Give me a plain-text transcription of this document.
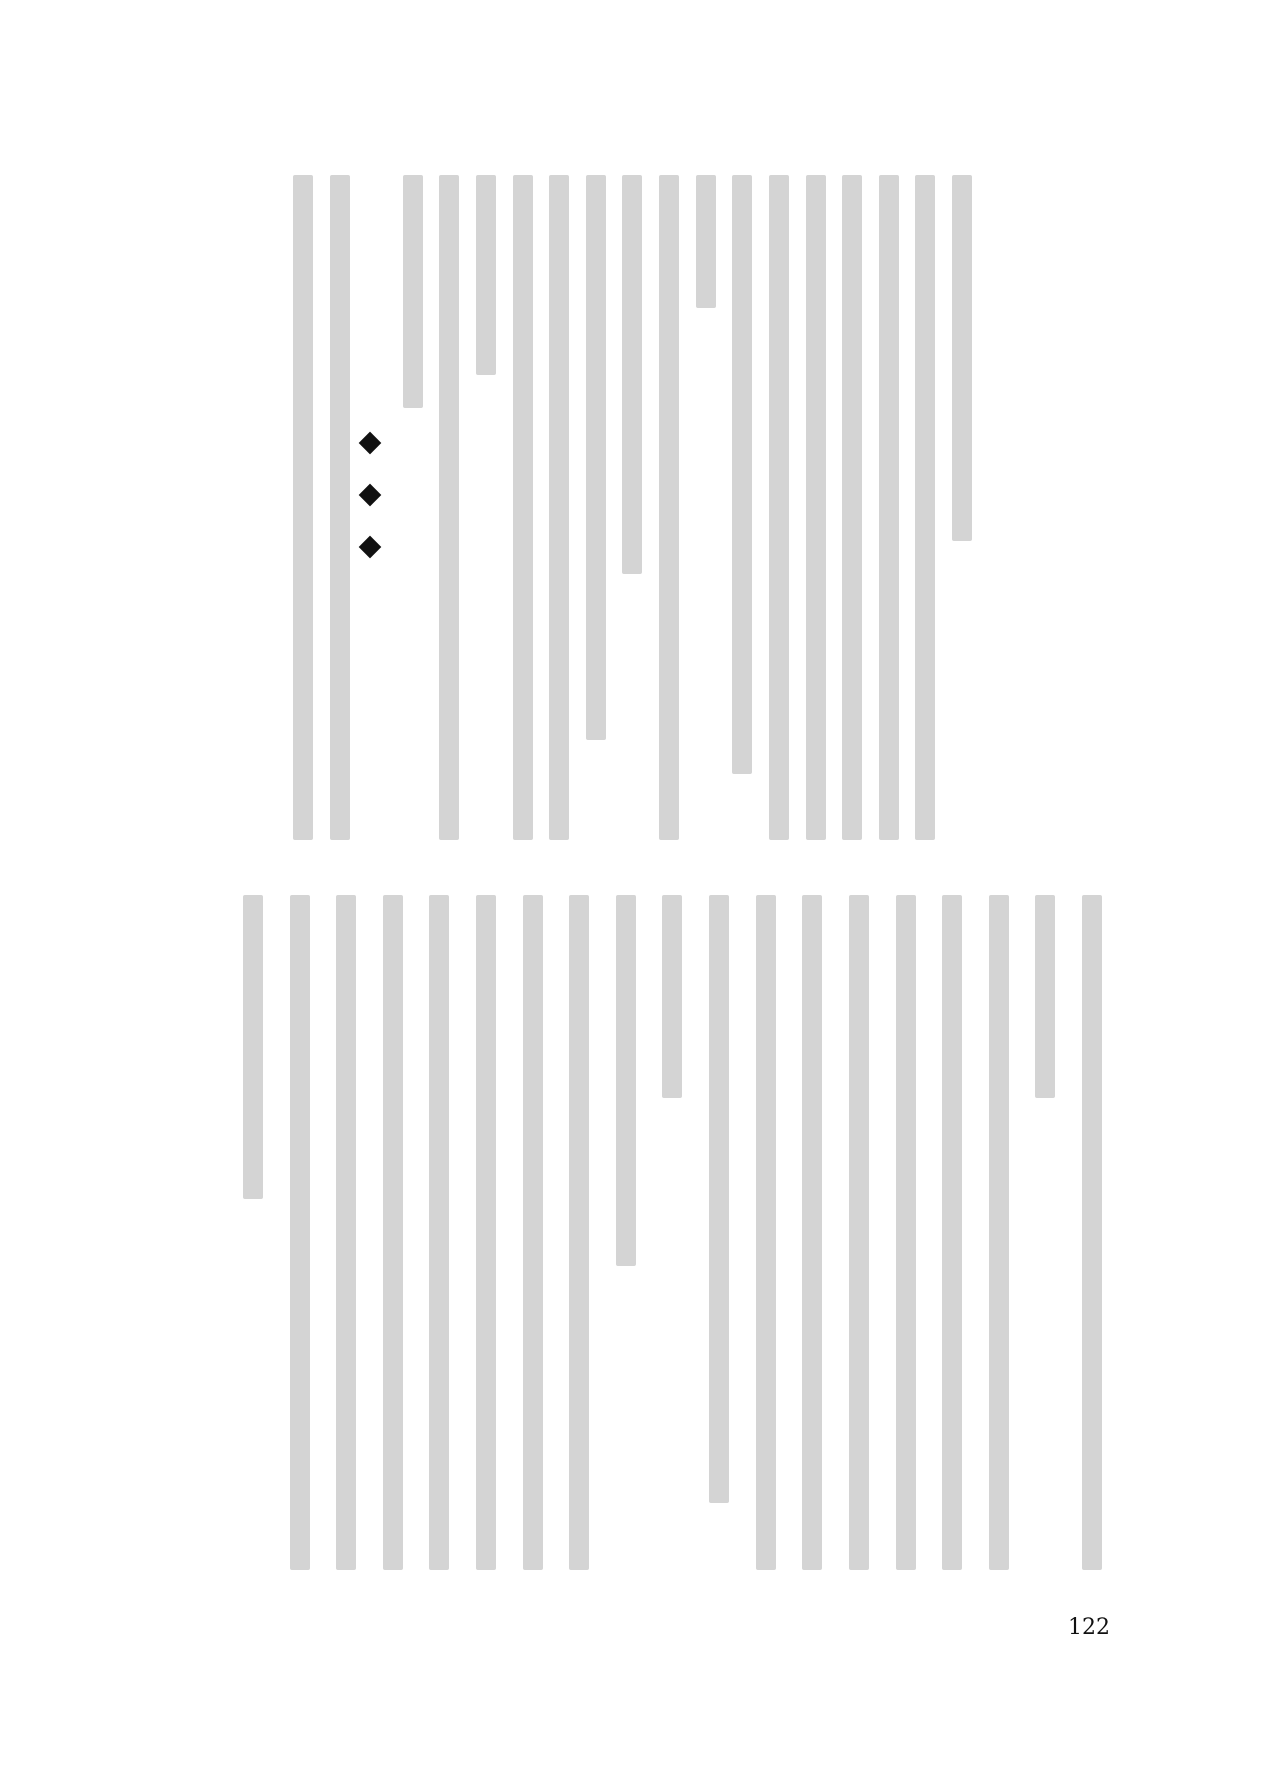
122
